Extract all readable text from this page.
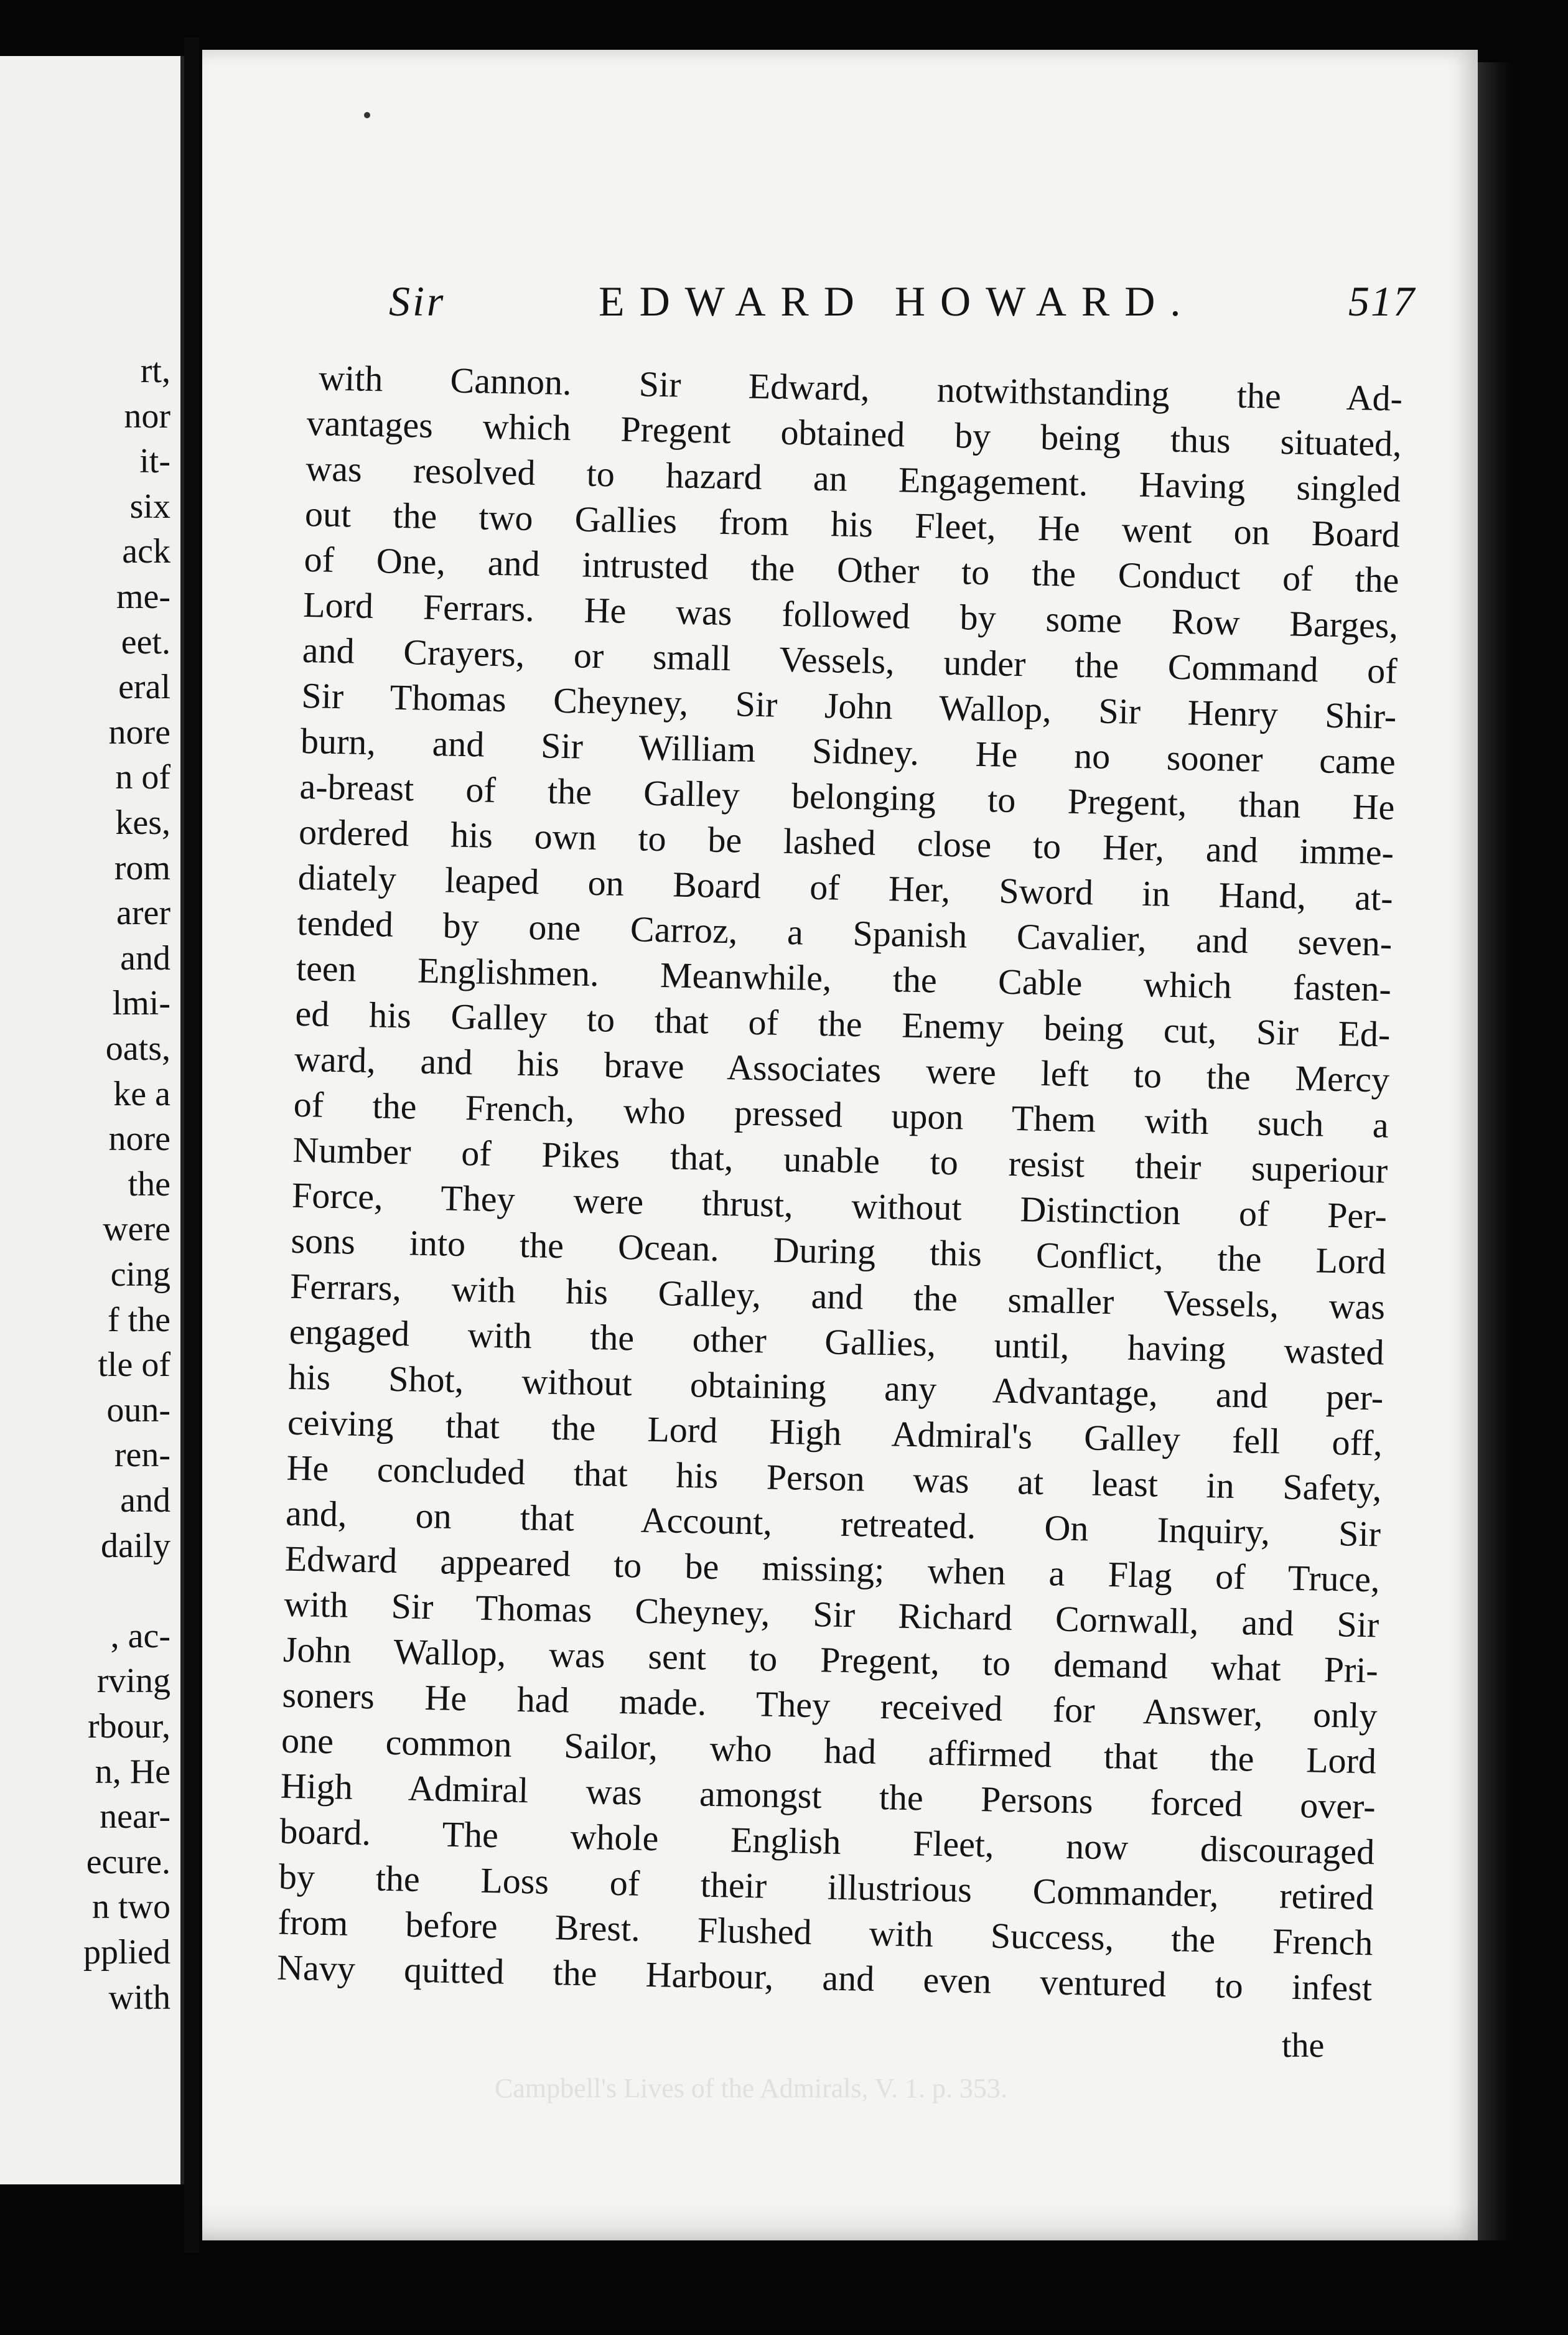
rt,
nor
it-
six
ack
me-
eet.
eral
nore
n of
kes,
rom
arer
and
lmi-
oats,
ke a
nore
the
were
cing
f the
tle of
oun-
ren-
and
daily
, ac-
rving
rbour,
n, He
near-
ecure.
n two
pplied
with
Sir	EDWARD HOWARD.	517
with Cannon. Sir Edward, notwithstanding the Ad-
vantages which Pregent obtained by being thus situated,
was resolved to hazard an Engagement. Having singled
out the two Gallies from his Fleet, He went on Board
of One, and intrusted the Other to the Conduct of the
Lord Ferrars. He was followed by some Row Barges,
and Crayers, or small Vessels, under the Command of
Sir Thomas Cheyney, Sir John Wallop, Sir Henry Shir-
burn, and Sir William Sidney. He no sooner came
a-breast of the Galley belonging to Pregent, than He
ordered his own to be lashed close to Her, and imme-
diately leaped on Board of Her, Sword in Hand, at-
tended by one Carroz, a Spanish Cavalier, and seven-
teen Englishmen. Meanwhile, the Cable which fasten-
ed his Galley to that of the Enemy being cut, Sir Ed-
ward, and his brave Associates were left to the Mercy
of the French, who pressed upon Them with such a
Number of Pikes that, unable to resist their superiour
Force, They were thrust, without Distinction of Per-
sons into the Ocean. During this Conflict, the Lord
Ferrars, with his Galley, and the smaller Vessels, was
engaged with the other Gallies, until, having wasted
his Shot, without obtaining any Advantage, and per-
ceiving that the Lord High Admiral's Galley fell off,
He concluded that his Person was at least in Safety,
and, on that Account, retreated. On Inquiry, Sir
Edward appeared to be missing; when a Flag of Truce,
with Sir Thomas Cheyney, Sir Richard Cornwall, and Sir
John Wallop, was sent to Pregent, to demand what Pri-
soners He had made. They received for Answer, only
one common Sailor, who had affirmed that the Lord
High Admiral was amongst the Persons forced over-
board. The whole English Fleet, now discouraged
by the Loss of their illustrious Commander, retired
from before Brest. Flushed with Success, the French
Navy quitted the Harbour, and even ventured to infest
the
Campbell's Lives of the Admirals, V. 1. p. 353.
